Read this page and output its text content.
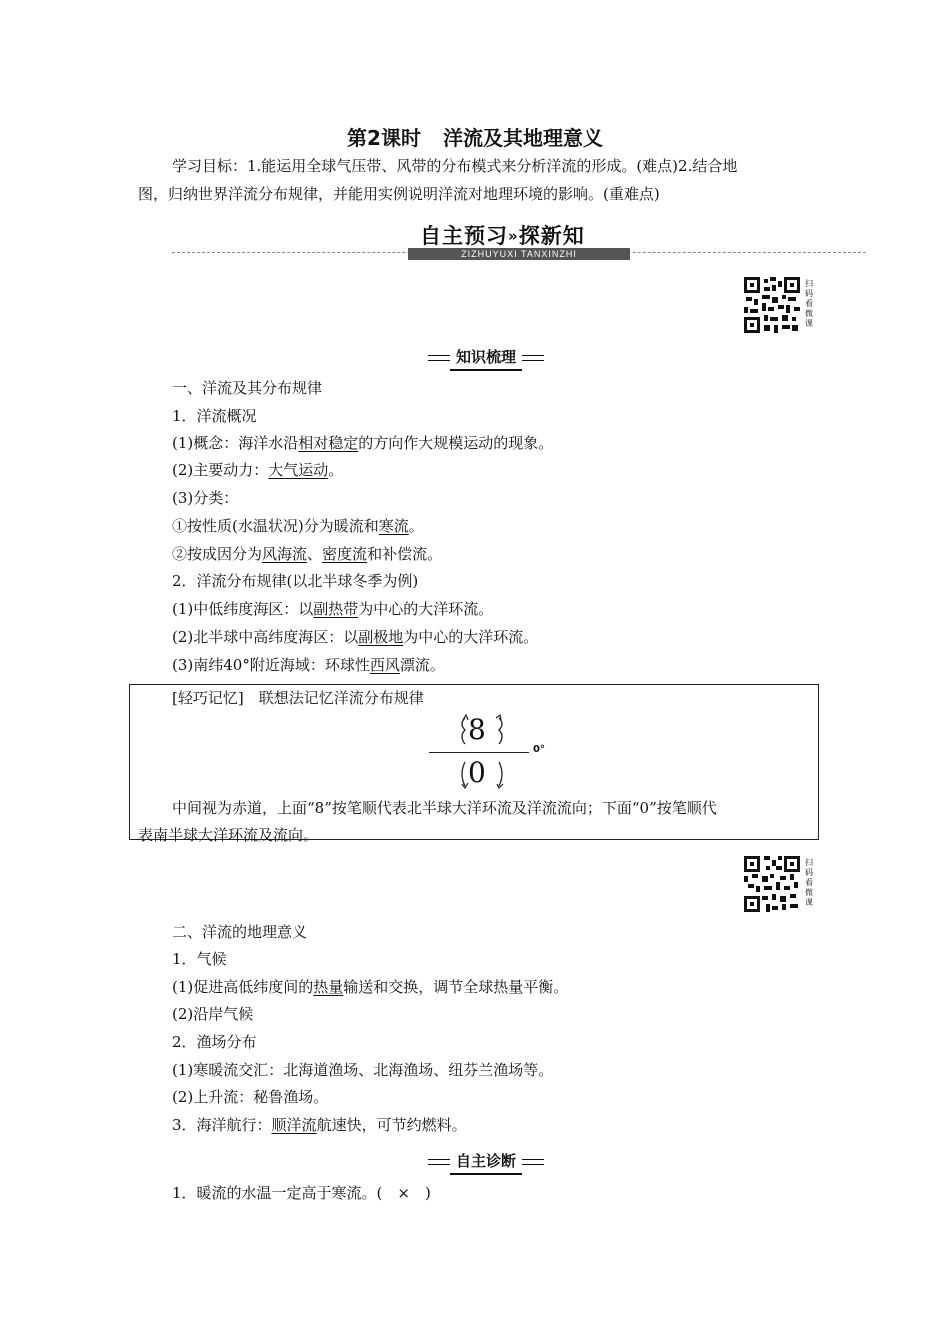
第2课时 洋流及其地理意义
学习目标：1.能运用全球气压带、风带的分布模式来分析洋流的形成。(难点)2.结合地
图，归纳世界洋流分布规律，并能用实例说明洋流对地理环境的影响。(重难点)
自主预习»探新知
ZIZHUYUXI TANXINZHI
扫
码
看
微
课
知识梳理
一、洋流及其分布规律
1．洋流概况
(1)概念：海洋水沿相对稳定的方向作大规模运动的现象。
(2)主要动力：大气运动。
(3)分类：
①按性质(水温状况)分为暖流和寒流。
②按成因分为风海流、密度流和补偿流。
2．洋流分布规律(以北半球冬季为例)
(1)中低纬度海区：以副热带为中心的大洋环流。
(2)北半球中高纬度海区：以副极地为中心的大洋环流。
(3)南纬40°附近海域：环球性西风漂流。
[轻巧记忆]　联想法记忆洋流分布规律
0°
8
0
中间视为赤道，上面“8”按笔顺代表北半球大洋环流及洋流流向；下面“0”按笔顺代
表南半球大洋环流及流向。
扫
码
看
微
课
二、洋流的地理意义
1．气候
(1)促进高低纬度间的热量输送和交换，调节全球热量平衡。
(2)沿岸气候
2．渔场分布
(1)寒暖流交汇：北海道渔场、北海渔场、纽芬兰渔场等。
(2)上升流：秘鲁渔场。
3．海洋航行：顺洋流航速快，可节约燃料。
自主诊断
1．暖流的水温一定高于寒流。(　×　)
